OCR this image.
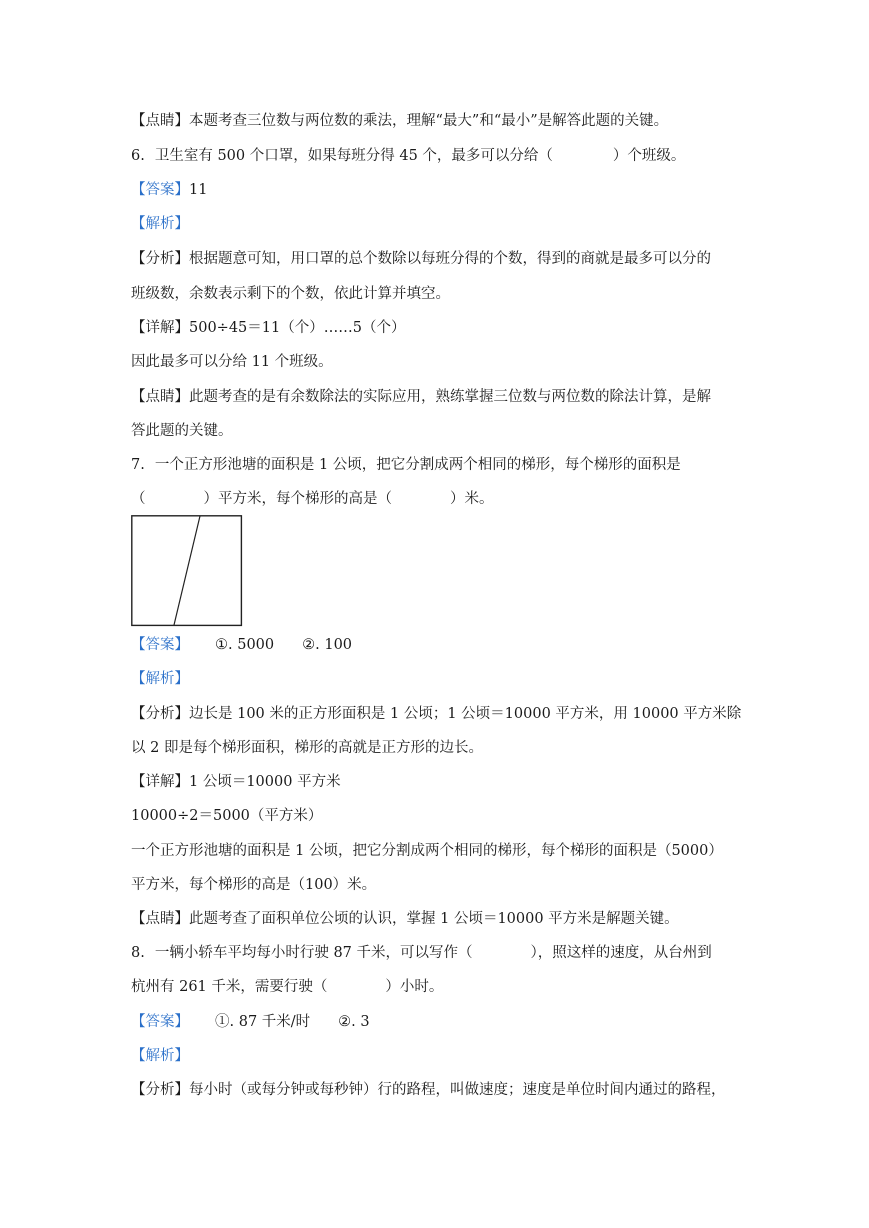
【点睛】本题考查三位数与两位数的乘法，理解“最大”和“最小”是解答此题的关键。

6. 卫生室有 500 个口罩，如果每班分得 45 个，最多可以分给（	）个班级。

【答案】11

【解析】

【分析】根据题意可知，用口罩的总个数除以每班分得的个数，得到的商就是最多可以分的

班级数，余数表示剩下的个数，依此计算并填空。

【详解】500÷45＝11（个）……5（个）

因此最多可以分给 11 个班级。

【点睛】此题考查的是有余数除法的实际应用，熟练掌握三位数与两位数的除法计算，是解

答此题的关键。

7. 一个正方形池塘的面积是 1 公顷，把它分割成两个相同的梯形，每个梯形的面积是

（	）平方米，每个梯形的高是（	）米。

【答案】 ①. 5000 ②. 100

【解析】

【分析】边长是 100 米的正方形面积是 1 公顷；1 公顷＝10000 平方米，用 10000 平方米除

以 2 即是每个梯形面积，梯形的高就是正方形的边长。

【详解】1 公顷＝10000 平方米

10000÷2＝5000（平方米）

一个正方形池塘的面积是 1 公顷，把它分割成两个相同的梯形，每个梯形的面积是（5000）

平方米，每个梯形的高是（100）米。

【点睛】此题考查了面积单位公顷的认识，掌握 1 公顷＝10000 平方米是解题关键。

8. 一辆小轿车平均每小时行驶 87 千米，可以写作（	），照这样的速度，从台州到

杭州有 261 千米，需要行驶（	）小时。

【答案】 ①. 87 千米/时 ②. 3

【解析】

【分析】每小时（或每分钟或每秒钟）行的路程，叫做速度；速度是单位时间内通过的路程，
